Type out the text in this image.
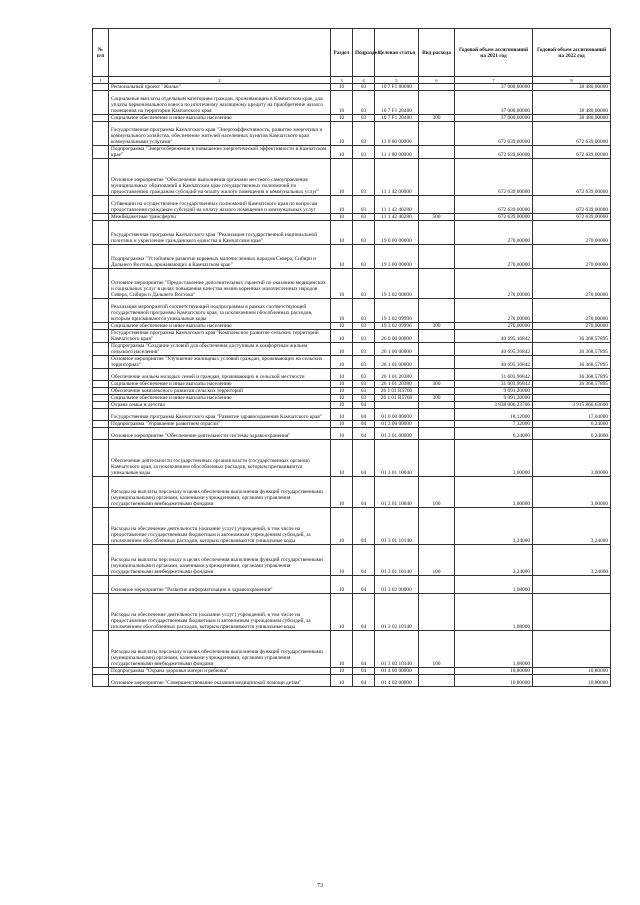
№ п/п		Раздел	Подраздел	Целевая статья	Вид расхода	Годовой объем ассигнований на 2021 год	Годовой объем ассигнований на 2022 год
1	2	3	4	5	6	7	8
	Региональный проект "Жилье"	10	03	10 7 F1 00000		37 000,00000	38 480,00000
	Социальные выплаты отдельным категориям граждан, проживающим в Камчатском крае, для уплаты первоначального взноса по ипотечному жилищному кредиту на приобретение жилого помещения на территории Камчатского края	10	03	10 7 F1 20400		37 000,00000	38 480,00000
	Социальное обеспечение и иные выплаты населению	10	03	10 7 F1 20400	300	37 000,00000	38 480,00000
	Государственная программа Камчатского края "Энергоэффективность, развитие энергетики и коммунального хозяйства, обеспечение жителей населенных пунктов Камчатского края коммунальными услугами"	10	03	11 0 00 00000		672 639,00000	672 639,00000
	Подпрограмма "Энергосбережение и повышение энергетической эффективности в Камчатском крае"	10	03	11 1 00 00000		672 639,00000	672 639,00000
	Основное мероприятие "Обеспечение выполнения органами местного самоуправления муниципальных образований в Камчатском крае государственных полномочий по предоставлению гражданам субсидий на оплату жилого помещения и коммунальных услуг"	10	03	11 1 42 00000		672 639,00000	672 639,00000
	Субвенции на осуществление государственных полномочий Камчатского края по вопросам предоставления гражданам субсидий на оплату жилого помещения и коммунальных услуг	10	03	11 1 42 40280		672 639,00000	672 639,00000
	Межбюджетные трансферты	10	03	11 1 42 40280	500	672 639,00000	672 639,00000
	Государственная программа Камчатского края "Реализация государственной национальной политики и укрепление гражданского единства в Камчатском крае"	10	03	19 0 00 00000		270,00000	270,00000
	Подпрограмма "Устойчивое развитие коренных малочисленных народов Севера, Сибири и Дальнего Востока, проживающих в Камчатском крае"	10	03	19 3 00 00000		270,00000	270,00000
	Основное мероприятие "Предоставление дополнительных гарантий по оказанию медицинских и социальных услуг в целях повышения качества жизни коренных малочисленных народов Севера, Сибири и Дальнего Востока"	10	03	19 3 02 00000		270,00000	270,00000
	Реализация мероприятий соответствующей подпрограммы в рамках соответствующей государственной программы Камчатского края, за исключением обособленных расходов, которым присваиваются уникальные коды	10	03	19 3 02 09996		270,00000	270,00000
	Социальное обеспечение и иные выплаты населению	10	03	19 3 02 09996	300	270,00000	270,00000
	Государственная программа Камчатского края "Комплексное развитие сельских территорий Камчатского края"	10	03	26 0 00 00000		40 695,16842	36 368,57895
	Подпрограмма "Создание условий для обеспечения доступным и комфортным жильем сельского населения"	10	03	26 1 00 00000		40 695,16842	36 368,57895
	Основное мероприятие "Улучшение жилищных условий граждан, проживающих на сельских территориях"	10	03	26 1 01 00000		40 695,16842	36 368,57895
	Обеспечение жильем молодых семей и граждан, проживающих в сельской местности	10	03	26 1 01 20380		31 603,96842	36 368,57895
	Социальное обеспечение и иные выплаты населению	10	03	26 1 01 20380	300	31 603,96842	36 368,57895
	Обеспечение комплексного развития сельских территорий	10	03	26 1 01 R5760		9 091,20000	
	Социальное обеспечение и иные выплаты населению	10	03	26 1 01 R5760	300	9 091,20000	
	Охрана семьи и детства	10	04			3 838 006,23706	3 915 866,63600
	Государственная программа Камчатского края "Развитие здравоохранения Камчатского края"	10	04	01 0 00 00000		18,12000	17,04000
	Подпрограмма "Управление развитием отрасли"	10	04	01 3 00 00000		7,32000	6,24000
	Основное мероприятие "Обеспечение деятельности системы здравоохранения"	10	04	01 3 01 00000		6,24000	6,24000
	Обеспечение деятельности государственных органов власти (государственных органов) Камчатского края, за исключением обособленных расходов, которым присваиваются уникальные коды	10	04	01 3 01 10040		3,00000	3,00000
	Расходы на выплаты персоналу в целях обеспечения выполнения функций государственными (муниципальными) органами, казенными учреждениями, органами управления государственными внебюджетными фондами	10	04	01 3 01 10040	100	3,00000	3,00000
	Расходы на обеспечение деятельности (оказание услуг) учреждений, в том числе на предоставление государственным бюджетным и автономным учреждениям субсидий, за исключением обособленных расходов, которым присваиваются уникальные коды	10	04	01 3 01 10140		3,24000	3,24000
	Расходы на выплаты персоналу в целях обеспечения выполнения функций государственными (муниципальными) органами, казенными учреждениями, органами управления государственными внебюджетными фондами	10	04	01 3 01 10140	100	3,24000	3,24000
	Основное мероприятие "Развитие информатизации в здравоохранении"	10	04	01 3 02 00000		1,08000	
	Расходы на обеспечение деятельности (оказание услуг) учреждений, в том числе на предоставление государственным бюджетным и автономным учреждениям субсидий, за исключением обособленных расходов, которым присваиваются уникальные коды	10	04	01 3 02 10140		1,08000	
	Расходы на выплаты персоналу в целях обеспечения выполнения функций государственными (муниципальными) органами, казенными учреждениями, органами управления государственными внебюджетными фондами	10	04	01 3 02 10140	100	1,08000	
	Подпрограмма "Охрана здоровья матери и ребенка"	10	04	01 4 00 00000		10,80000	10,80000
	Основное мероприятие "Совершенствование оказания медицинской помощи детям"	10	04	01 4 02 00000		10,80000	10,80000
73
